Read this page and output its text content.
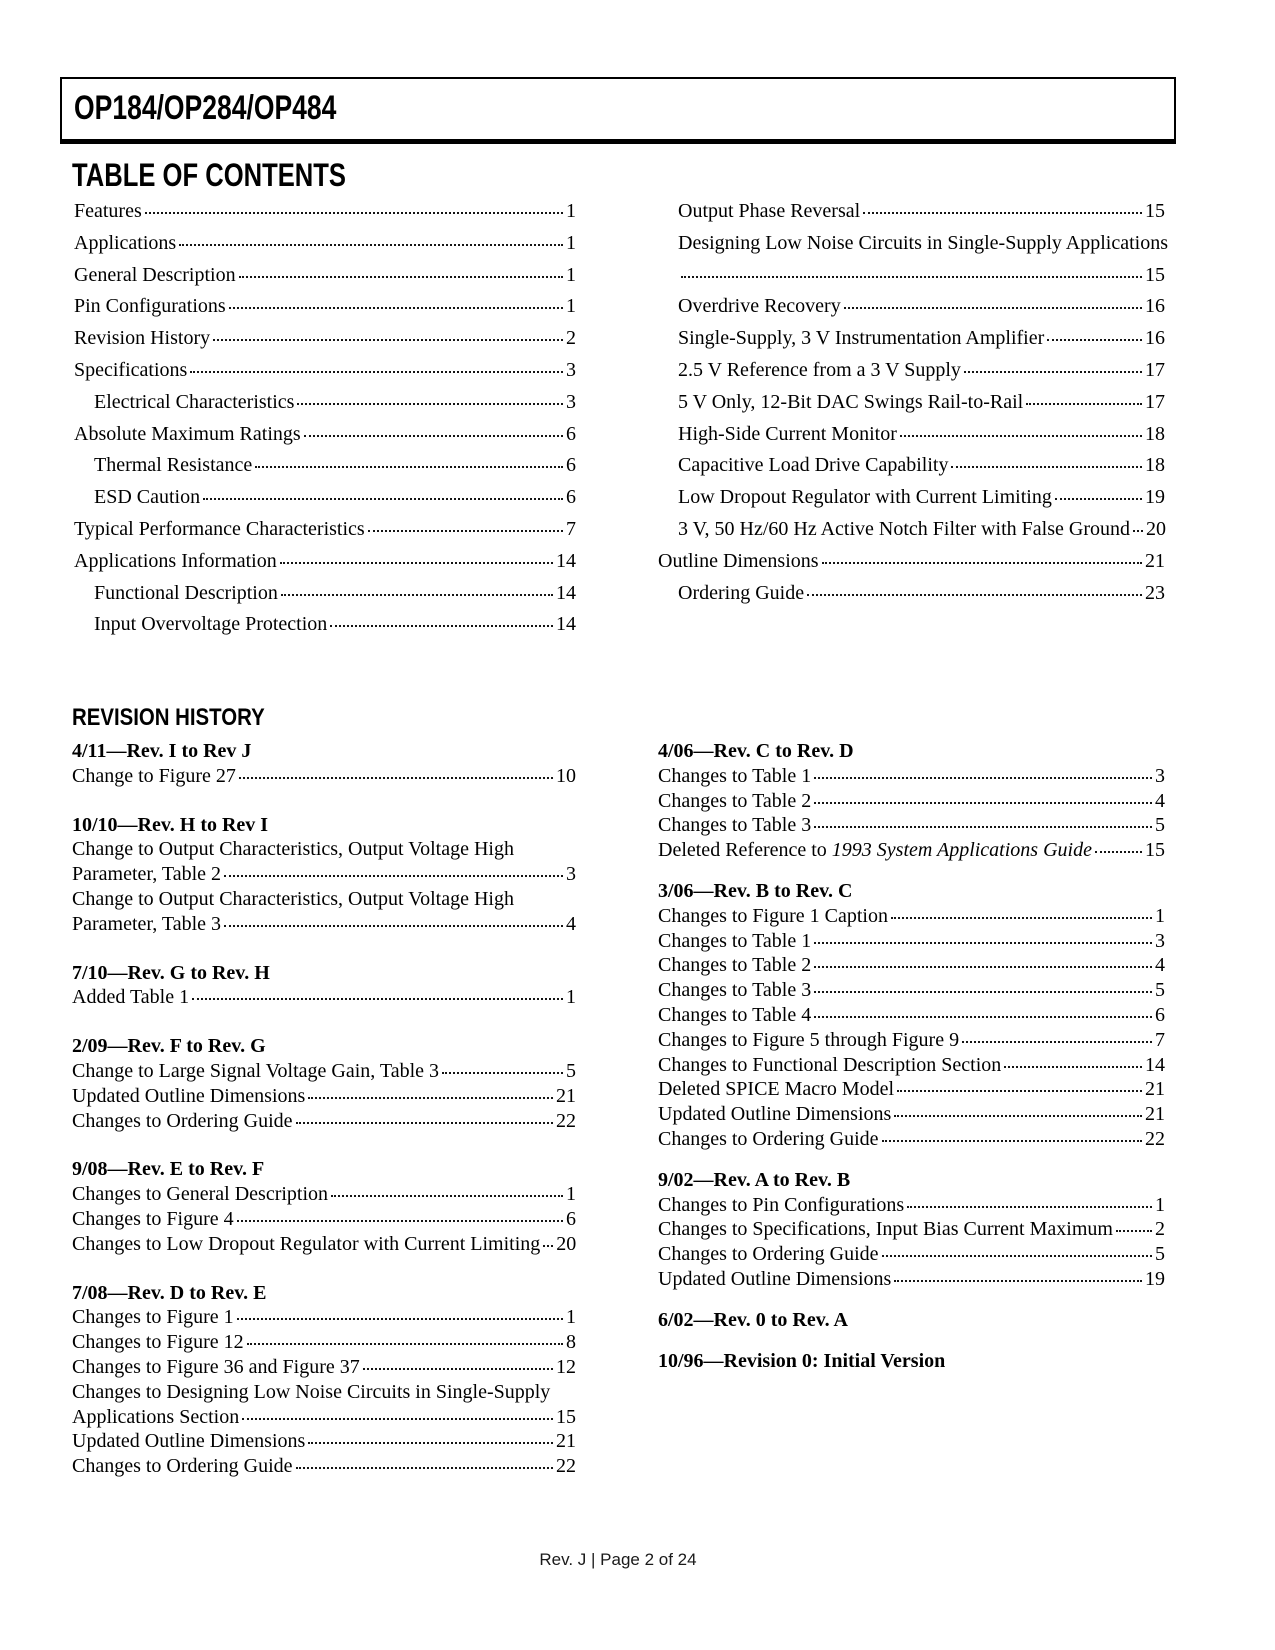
OP184/OP284/OP484
TABLE OF CONTENTS
Features	1
Applications	1
General Description	1
Pin Configurations	1
Revision History	2
Specifications	3
Electrical Characteristics	3
Absolute Maximum Ratings	6
Thermal Resistance	6
ESD Caution	6
Typical Performance Characteristics	7
Applications Information	14
Functional Description	14
Input Overvoltage Protection	14
Output Phase Reversal	15
Designing Low Noise Circuits in Single-Supply Applications
15
Overdrive Recovery	16
Single-Supply, 3 V Instrumentation Amplifier	16
2.5 V Reference from a 3 V Supply	17
5 V Only, 12-Bit DAC Swings Rail-to-Rail	17
High-Side Current Monitor	18
Capacitive Load Drive Capability	18
Low Dropout Regulator with Current Limiting	19
3 V, 50 Hz/60 Hz Active Notch Filter with False Ground 20
Outline Dimensions	21
Ordering Guide	23
REVISION HISTORY
4/11—Rev. I to Rev J
Change to Figure 27	10
10/10—Rev. H to Rev I
Change to Output Characteristics, Output Voltage High
Parameter, Table 2	3
Change to Output Characteristics, Output Voltage High
Parameter, Table 3	4
7/10—Rev. G to Rev. H
Added Table 1	1
2/09—Rev. F to Rev. G
Change to Large Signal Voltage Gain, Table 3	5
Updated Outline Dimensions	21
Changes to Ordering Guide	22
9/08—Rev. E to Rev. F
Changes to General Description	1
Changes to Figure 4	6
Changes to Low Dropout Regulator with Current Limiting 20
7/08—Rev. D to Rev. E
Changes to Figure 1	1
Changes to Figure 12	8
Changes to Figure 36 and Figure 37	12
Changes to Designing Low Noise Circuits in Single-Supply
Applications Section	15
Updated Outline Dimensions	21
Changes to Ordering Guide	22
4/06—Rev. C to Rev. D
Changes to Table 1	3
Changes to Table 2	4
Changes to Table 3	5
Deleted Reference to 1993 System Applications Guide	15
3/06—Rev. B to Rev. C
Changes to Figure 1 Caption	1
Changes to Table 1	3
Changes to Table 2	4
Changes to Table 3	5
Changes to Table 4	6
Changes to Figure 5 through Figure 9	7
Changes to Functional Description Section	14
Deleted SPICE Macro Model	21
Updated Outline Dimensions	21
Changes to Ordering Guide	22
9/02—Rev. A to Rev. B
Changes to Pin Configurations	1
Changes to Specifications, Input Bias Current Maximum 2
Changes to Ordering Guide	5
Updated Outline Dimensions	19
6/02—Rev. 0 to Rev. A
10/96—Revision 0: Initial Version
Rev. J | Page 2 of 24
